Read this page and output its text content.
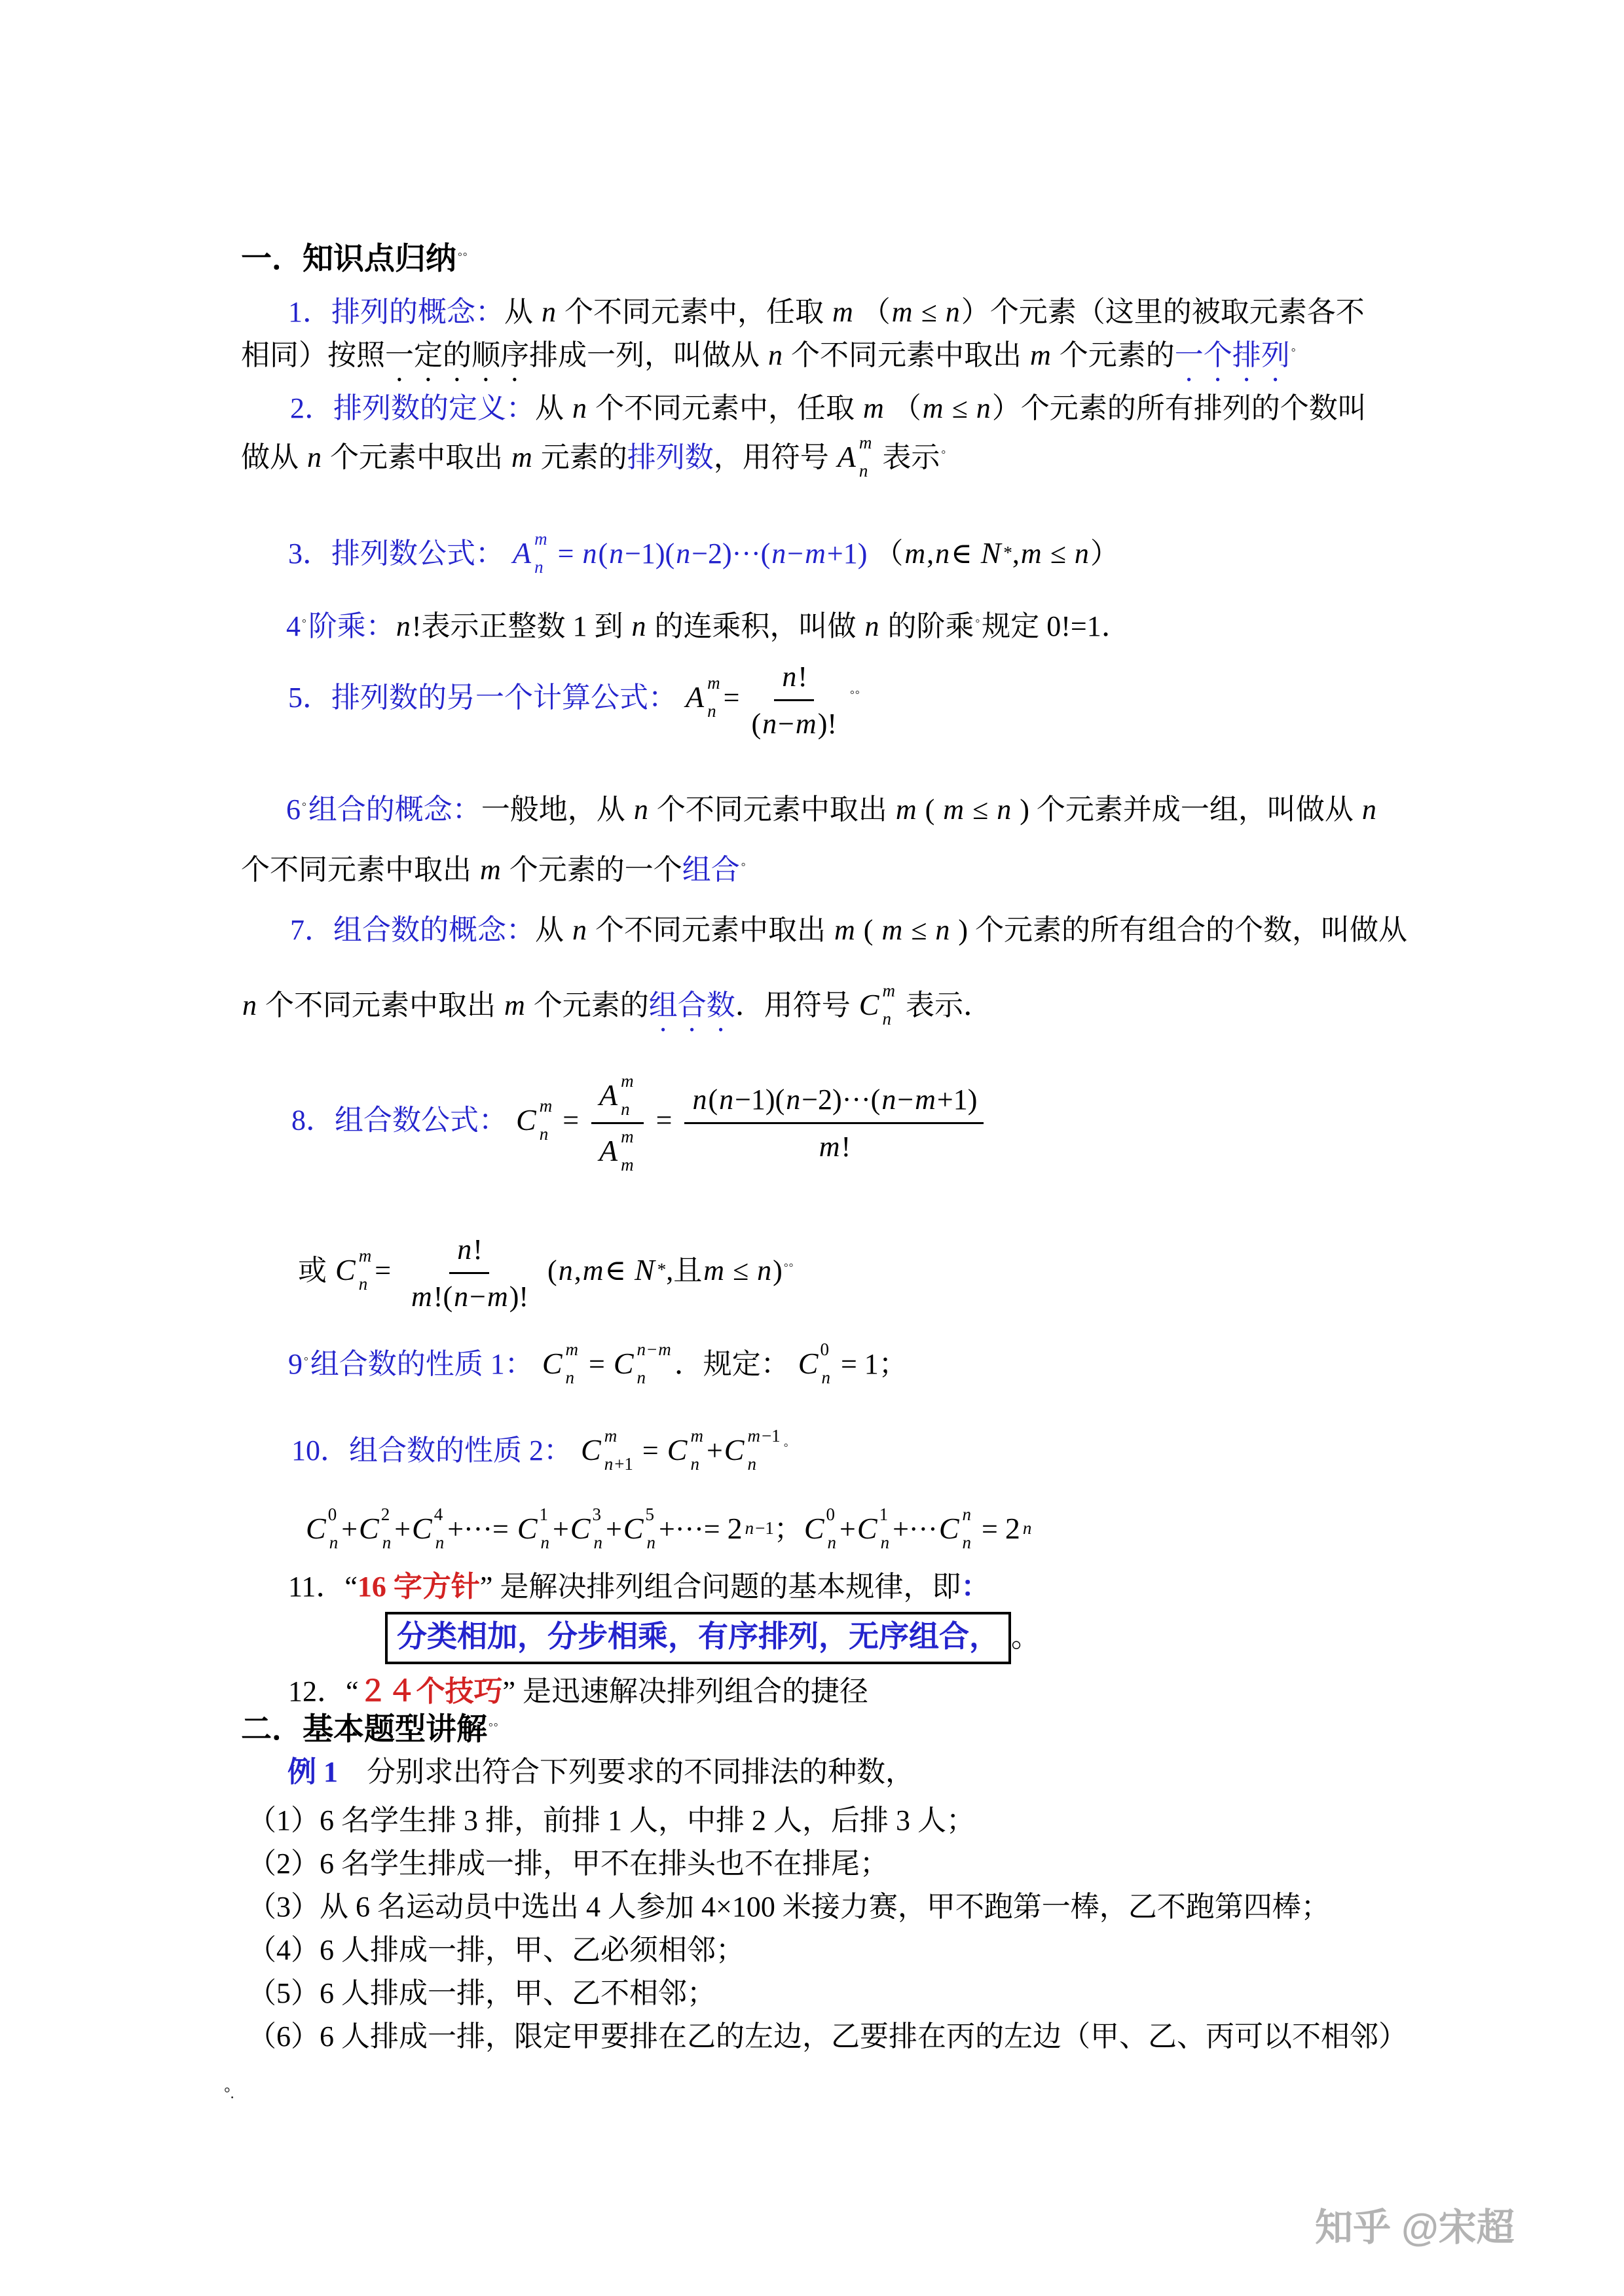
一．知识点归纳 °°
1．排列的概念：从 n 个不同元素中，任取 m （m ≤ n）个元素（这里的被取元素各不
相同）按照一定的顺序排成一列，叫做从 n 个不同元素中取出 m 个元素的一个排列 °
2．排列数的定义：从 n 个不同元素中，任取 m （m ≤ n）个元素的所有排列的个数叫
做从 n 个元素中取出 m 元素的排列数，用符号 A m
n 表示 °
3．排列数公式： A m
n = n(n−1)(n−2)···(n−m+1) （m,n∈ N * ,m ≤ n）
4 °阶乘：n!表示正整数 1 到 n 的连乘积，叫做 n 的阶乘 °规定 0!=1．
5．排列数的另一个计算公式： A m
$n = \frac{n!}{(n-m)!} ^{^\circ^\circ}$
6 °组合的概念：一般地，从 n 个不同元素中取出 m ( m ≤ n ) 个元素并成一组，叫做从 n
个不同元素中取出 m 个元素的一个组合 °
7．组合数的概念：从 n 个不同元素中取出 m ( m ≤ n ) 个元素的所有组合的个数，叫做从
n 个不同元素中取出 m 个元素的组合数．用符号 C m
n 表示．
8．组合数公式： C m
n = A m
n
A m
$m = \frac{n(n-1)(n-2)\cdot\cdot\cdot(n-m+1)}{m!}$
或 C m
$n = \frac{n!}{m!(n-m)!}$ (n,m∈ N * ,且m ≤ n) °°
9 °组合数的性质 1： C m
n = C n−m
n ．规定： C 0
n = 1；
10．组合数的性质 2： C m
n+1 = C m
n + C m−1
n
°
C 0
n + C 2
n + C 4
n +···= C 1
n + C 3
n + C 5
n +···= 2 n−1 ； C 0
n + C 1
n +··· C n
n = 2 n
11．“16 字方针” 是解决排列组合问题的基本规律，即：
分类相加，分步相乘，有序排列，无序组合， 。
12．“２４个技巧” 是迅速解决排列组合的捷径
二．基本题型讲解 °°
例 1　分别求出符合下列要求的不同排法的种数，
（1）6 名学生排 3 排，前排 1 人，中排 2 人，后排 3 人；
（2）6 名学生排成一排，甲不在排头也不在排尾；
（3）从 6 名运动员中选出 4 人参加 4×100 米接力赛，甲不跑第一棒，乙不跑第四棒；
（4）6 人排成一排，甲、乙必须相邻；
（5）6 人排成一排，甲、乙不相邻；
（6）6 人排成一排，限定甲要排在乙的左边，乙要排在丙的左边（甲、乙、丙可以不相邻）
°.
知乎 @宋超
